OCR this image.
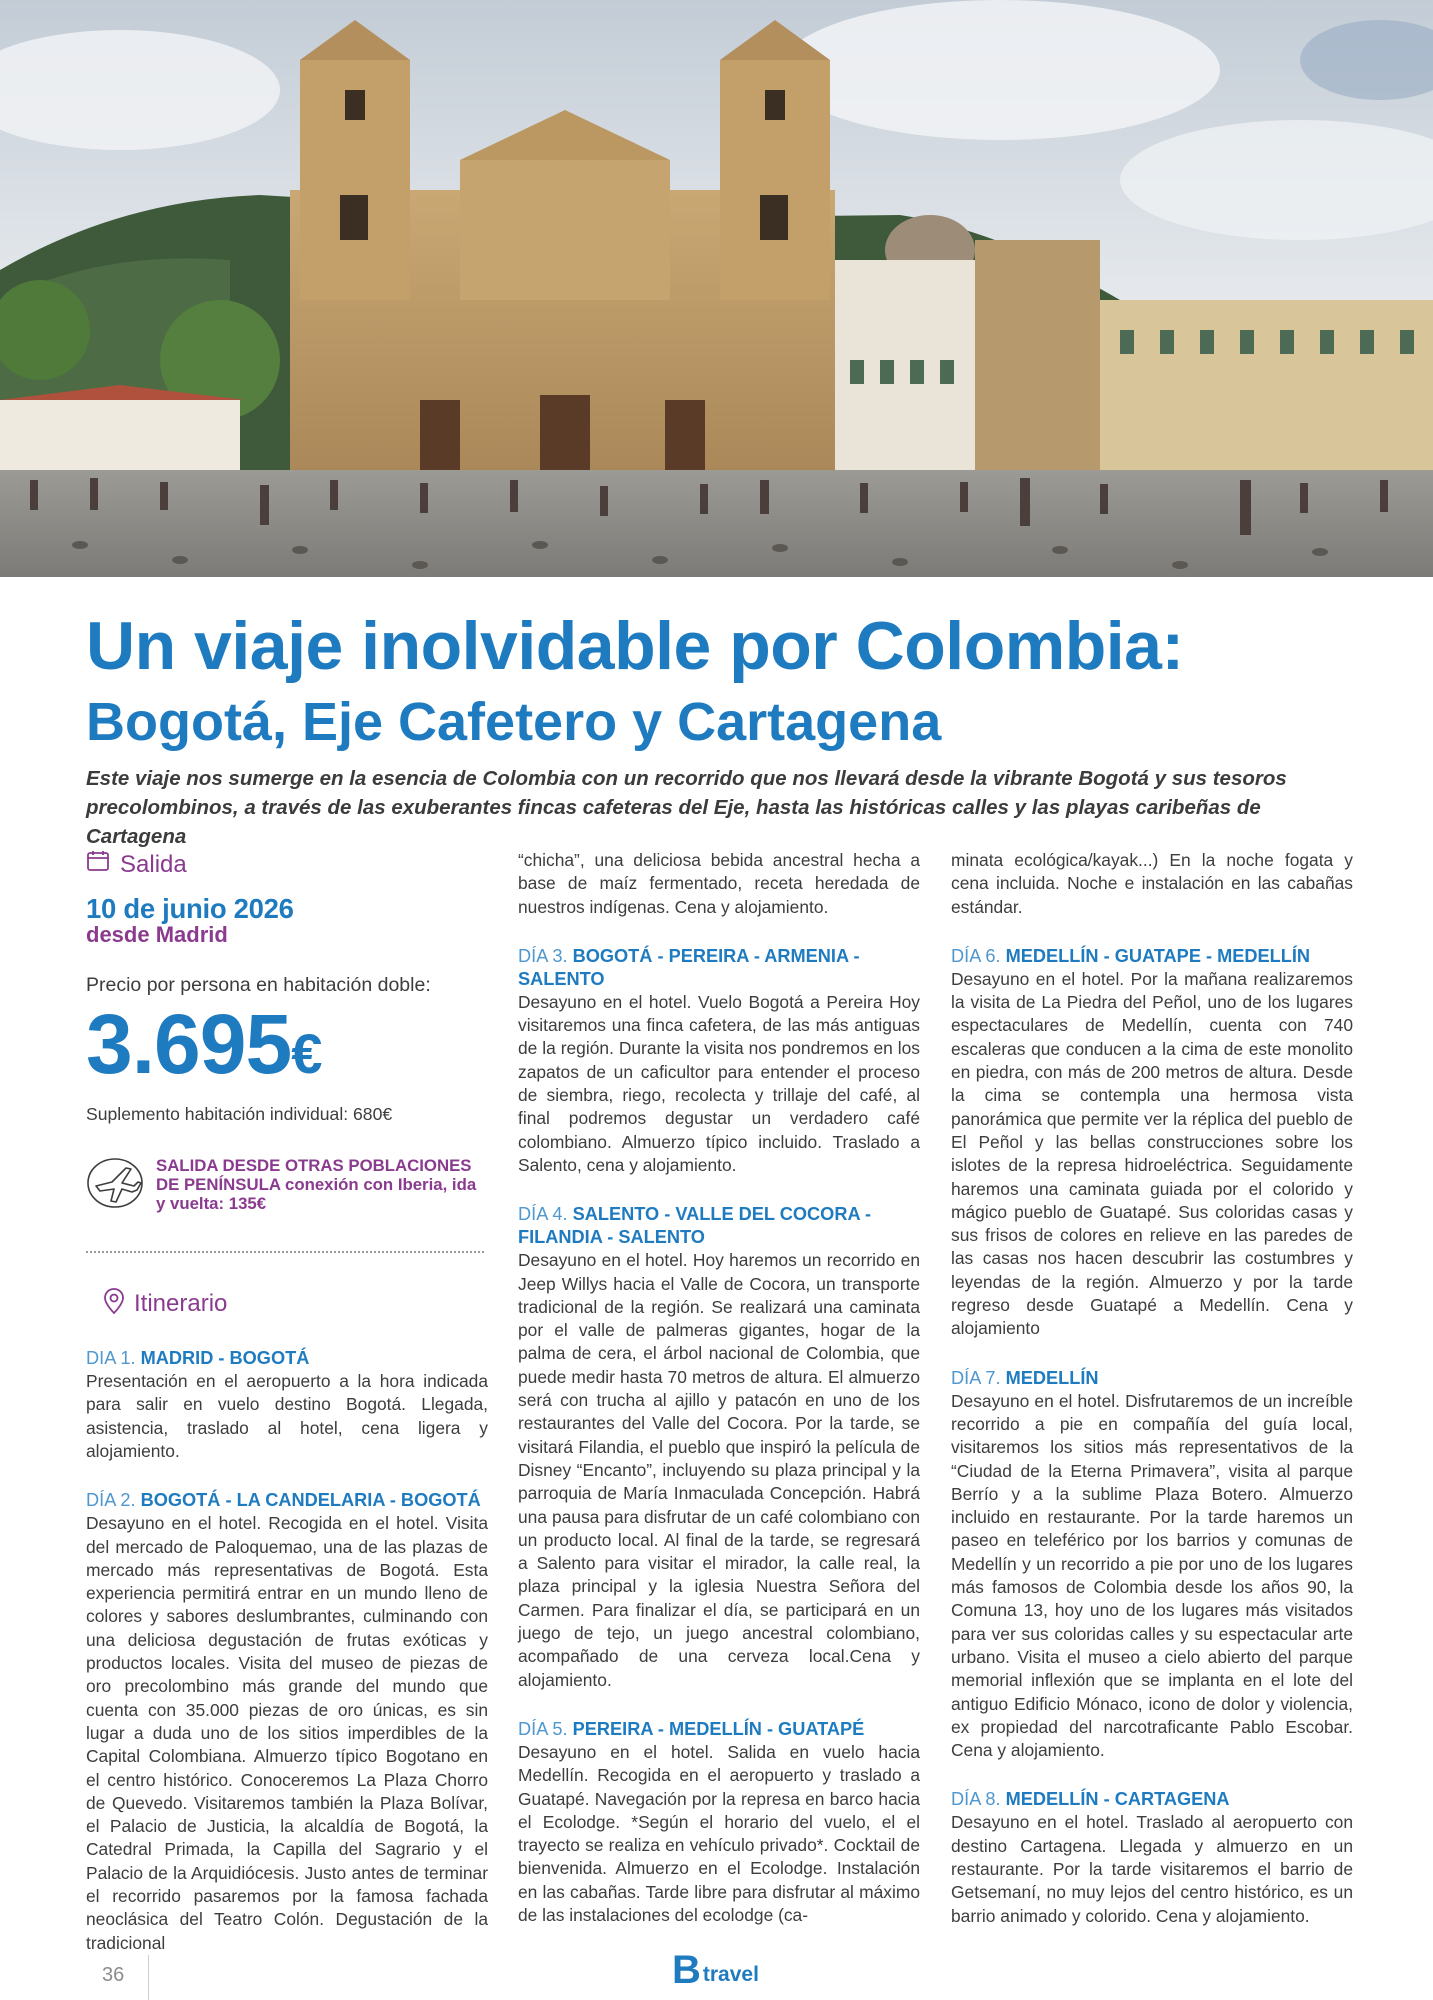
Un viaje inolvidable por Colombia:
Bogotá, Eje Cafetero y Cartagena

Este viaje nos sumerge en la esencia de Colombia con un recorrido que nos llevará desde la vibrante Bogotá y sus tesoros precolombinos, a través de las exuberantes fincas cafeteras del Eje, hasta las históricas calles y las playas caribeñas de Cartagena

Salida
10 de junio 2026
desde Madrid
Precio por persona en habitación doble:
3.695€
Suplemento habitación individual: 680€
SALIDA DESDE OTRAS POBLACIONES DE PENÍNSULA conexión con Iberia, ida y vuelta: 135€
Itinerario

DIA 1. MADRID - BOGOTÁ

Presentación en el aeropuerto a la hora indicada para salir en vuelo destino Bogotá. Llegada, asistencia, traslado al hotel, cena ligera y alojamiento.

DÍA 2. BOGOTÁ - LA CANDELARIA - BOGOTÁ

Desayuno en el hotel. Recogida en el hotel. Visita del mercado de Paloquemao, una de las plazas de mercado más representativas de Bogotá. Esta experiencia permitirá entrar en un mundo lleno de colores y sabores deslumbrantes, culminando con una deliciosa degustación de frutas exóticas y productos locales. Visita del museo de piezas de oro precolombino más grande del mundo que cuenta con 35.000 piezas de oro únicas, es sin lugar a duda uno de los sitios imperdibles de la Capital Colombiana. Almuerzo típico Bogotano en el centro histórico. Conoceremos La Plaza Chorro de Quevedo. Visitaremos también la Plaza Bolívar, el Palacio de Justicia, la alcaldía de Bogotá, la Catedral Primada, la Capilla del Sagrario y el Palacio de la Arquidiócesis. Justo antes de terminar el recorrido pasaremos por la famosa fachada neoclásica del Teatro Colón. Degustación de la tradicional

“chicha”, una deliciosa bebida ancestral hecha a base de maíz fermentado, receta heredada de nuestros indígenas. Cena y alojamiento.

DÍA 3. BOGOTÁ - PEREIRA - ARMENIA - SALENTO

Desayuno en el hotel. Vuelo Bogotá a Pereira Hoy visitaremos una finca cafetera, de las más antiguas de la región. Durante la visita nos pondremos en los zapatos de un caficultor para entender el proceso de siembra, riego, recolecta y trillaje del café, al final podremos degustar un verdadero café colombiano. Almuerzo típico incluido. Traslado a Salento, cena y alojamiento.

DÍA 4. SALENTO - VALLE DEL COCORA - FILANDIA - SALENTO

Desayuno en el hotel. Hoy haremos un recorrido en Jeep Willys hacia el Valle de Cocora, un transporte tradicional de la región. Se realizará una caminata por el valle de palmeras gigantes, hogar de la palma de cera, el árbol nacional de Colombia, que puede medir hasta 70 metros de altura. El almuerzo será con trucha al ajillo y patacón en uno de los restaurantes del Valle del Cocora. Por la tarde, se visitará Filandia, el pueblo que inspiró la película de Disney “Encanto”, incluyendo su plaza principal y la parroquia de María Inmaculada Concepción. Habrá una pausa para disfrutar de un café colombiano con un producto local. Al final de la tarde, se regresará a Salento para visitar el mirador, la calle real, la plaza principal y la iglesia Nuestra Señora del Carmen. Para finalizar el día, se participará en un juego de tejo, un juego ancestral colombiano, acompañado de una cerveza local.Cena y alojamiento.

DÍA 5. PEREIRA - MEDELLÍN - GUATAPÉ

Desayuno en el hotel. Salida en vuelo hacia Medellín. Recogida en el aeropuerto y traslado a Guatapé. Navegación por la represa en barco hacia el Ecolodge. *Según el horario del vuelo, el el trayecto se realiza en vehículo privado*. Cocktail de bienvenida. Almuerzo en el Ecolodge. Instalación en las cabañas. Tarde libre para disfrutar al máximo de las instalaciones del ecolodge (ca-

minata ecológica/kayak...) En la noche fogata y cena incluida. Noche e instalación en las cabañas estándar.

DÍA 6. MEDELLÍN - GUATAPE - MEDELLÍN

Desayuno en el hotel. Por la mañana realizaremos la visita de La Piedra del Peñol, uno de los lugares espectaculares de Medellín, cuenta con 740 escaleras que conducen a la cima de este monolito en piedra, con más de 200 metros de altura. Desde la cima se contempla una hermosa vista panorámica que permite ver la réplica del pueblo de El Peñol y las bellas construcciones sobre los islotes de la represa hidroeléctrica. Seguidamente haremos una caminata guiada por el colorido y mágico pueblo de Guatapé. Sus coloridas casas y sus frisos de colores en relieve en las paredes de las casas nos hacen descubrir las costumbres y leyendas de la región. Almuerzo y por la tarde regreso desde Guatapé a Medellín. Cena y alojamiento

DÍA 7. MEDELLÍN

Desayuno en el hotel. Disfrutaremos de un increíble recorrido a pie en compañía del guía local, visitaremos los sitios más representativos de la “Ciudad de la Eterna Primavera”, visita al parque Berrío y a la sublime Plaza Botero. Almuerzo incluido en restaurante. Por la tarde haremos un paseo en teleférico por los barrios y comunas de Medellín y un recorrido a pie por uno de los lugares más famosos de Colombia desde los años 90, la Comuna 13, hoy uno de los lugares más visitados para ver sus coloridas calles y su espectacular arte urbano. Visita el museo a cielo abierto del parque memorial inflexión que se implanta en el lote del antiguo Edificio Mónaco, icono de dolor y violencia, ex propiedad del narcotraficante Pablo Escobar. Cena y alojamiento.

DÍA 8. MEDELLÍN - CARTAGENA

Desayuno en el hotel. Traslado al aeropuerto con destino Cartagena. Llegada y almuerzo en un restaurante. Por la tarde visitaremos el barrio de Getsemaní, no muy lejos del centro histórico, es un barrio animado y colorido. Cena y alojamiento.

36	B travel
